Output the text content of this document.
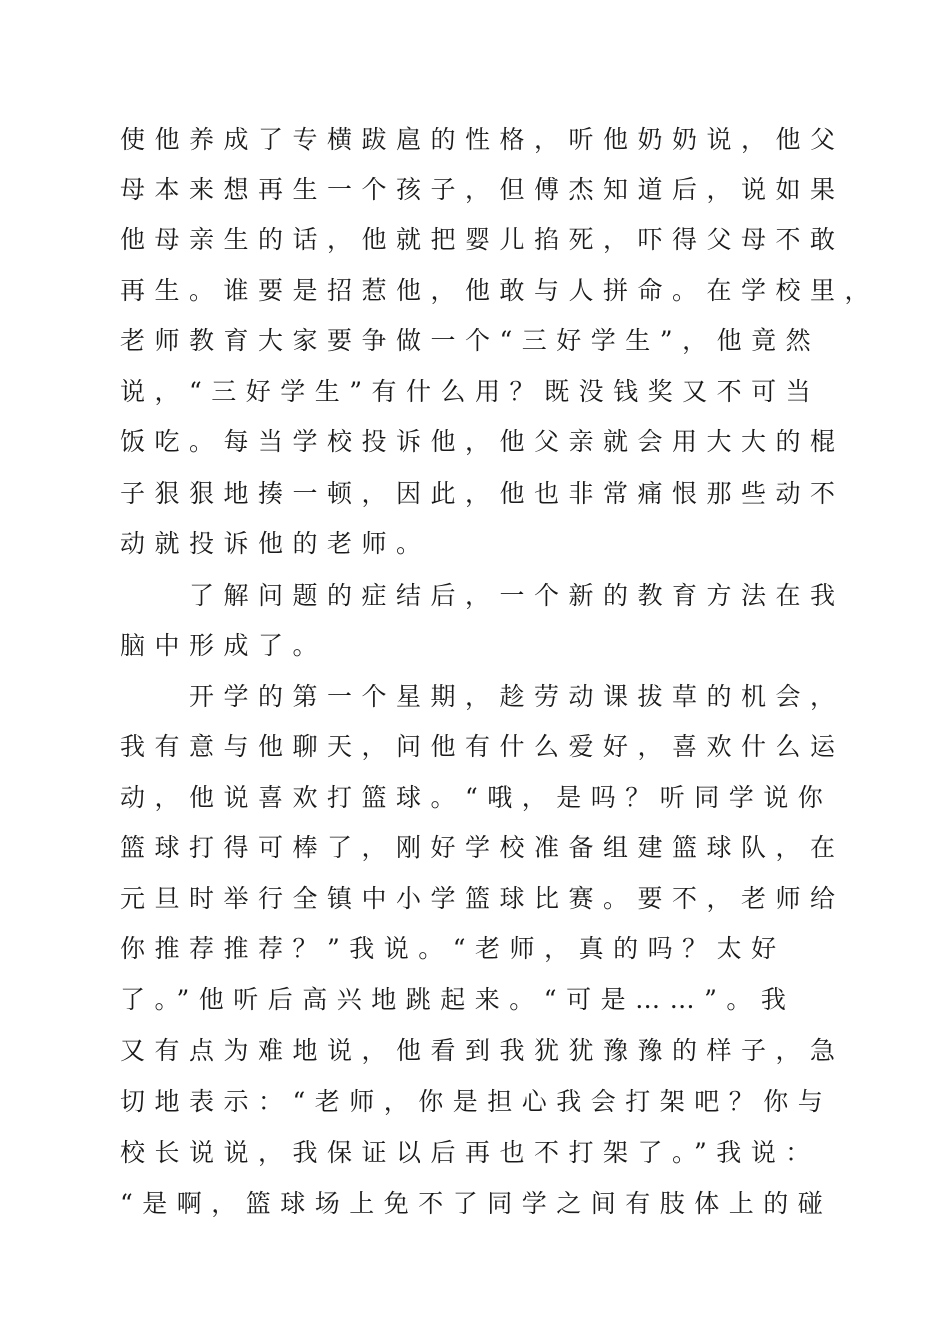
使他养成了专横跋扈的性格，听他奶奶说，他父
母本来想再生一个孩子，但傅杰知道后，说如果
他母亲生的话，他就把婴儿掐死，吓得父母不敢
再生。谁要是招惹他，他敢与人拼命。在学校里，
老师教育大家要争做一个“三好学生”，他竟然
说，“三好学生”有什么用？既没钱奖又不可当
饭吃。每当学校投诉他，他父亲就会用大大的棍
子狠狠地揍一顿，因此，他也非常痛恨那些动不
动就投诉他的老师。
　　了解问题的症结后，一个新的教育方法在我
脑中形成了。
　　开学的第一个星期，趁劳动课拔草的机会，
我有意与他聊天，问他有什么爱好，喜欢什么运
动，他说喜欢打篮球。“哦，是吗？听同学说你
篮球打得可棒了，刚好学校准备组建篮球队，在
元旦时举行全镇中小学篮球比赛。要不，老师给
你推荐推荐？”我说。“老师，真的吗？太好
了。”他听后高兴地跳起来。“可是……”。我
又有点为难地说，他看到我犹犹豫豫的样子，急
切地表示：“老师，你是担心我会打架吧？你与
校长说说，我保证以后再也不打架了。”我说：
“是啊，篮球场上免不了同学之间有肢体上的碰
